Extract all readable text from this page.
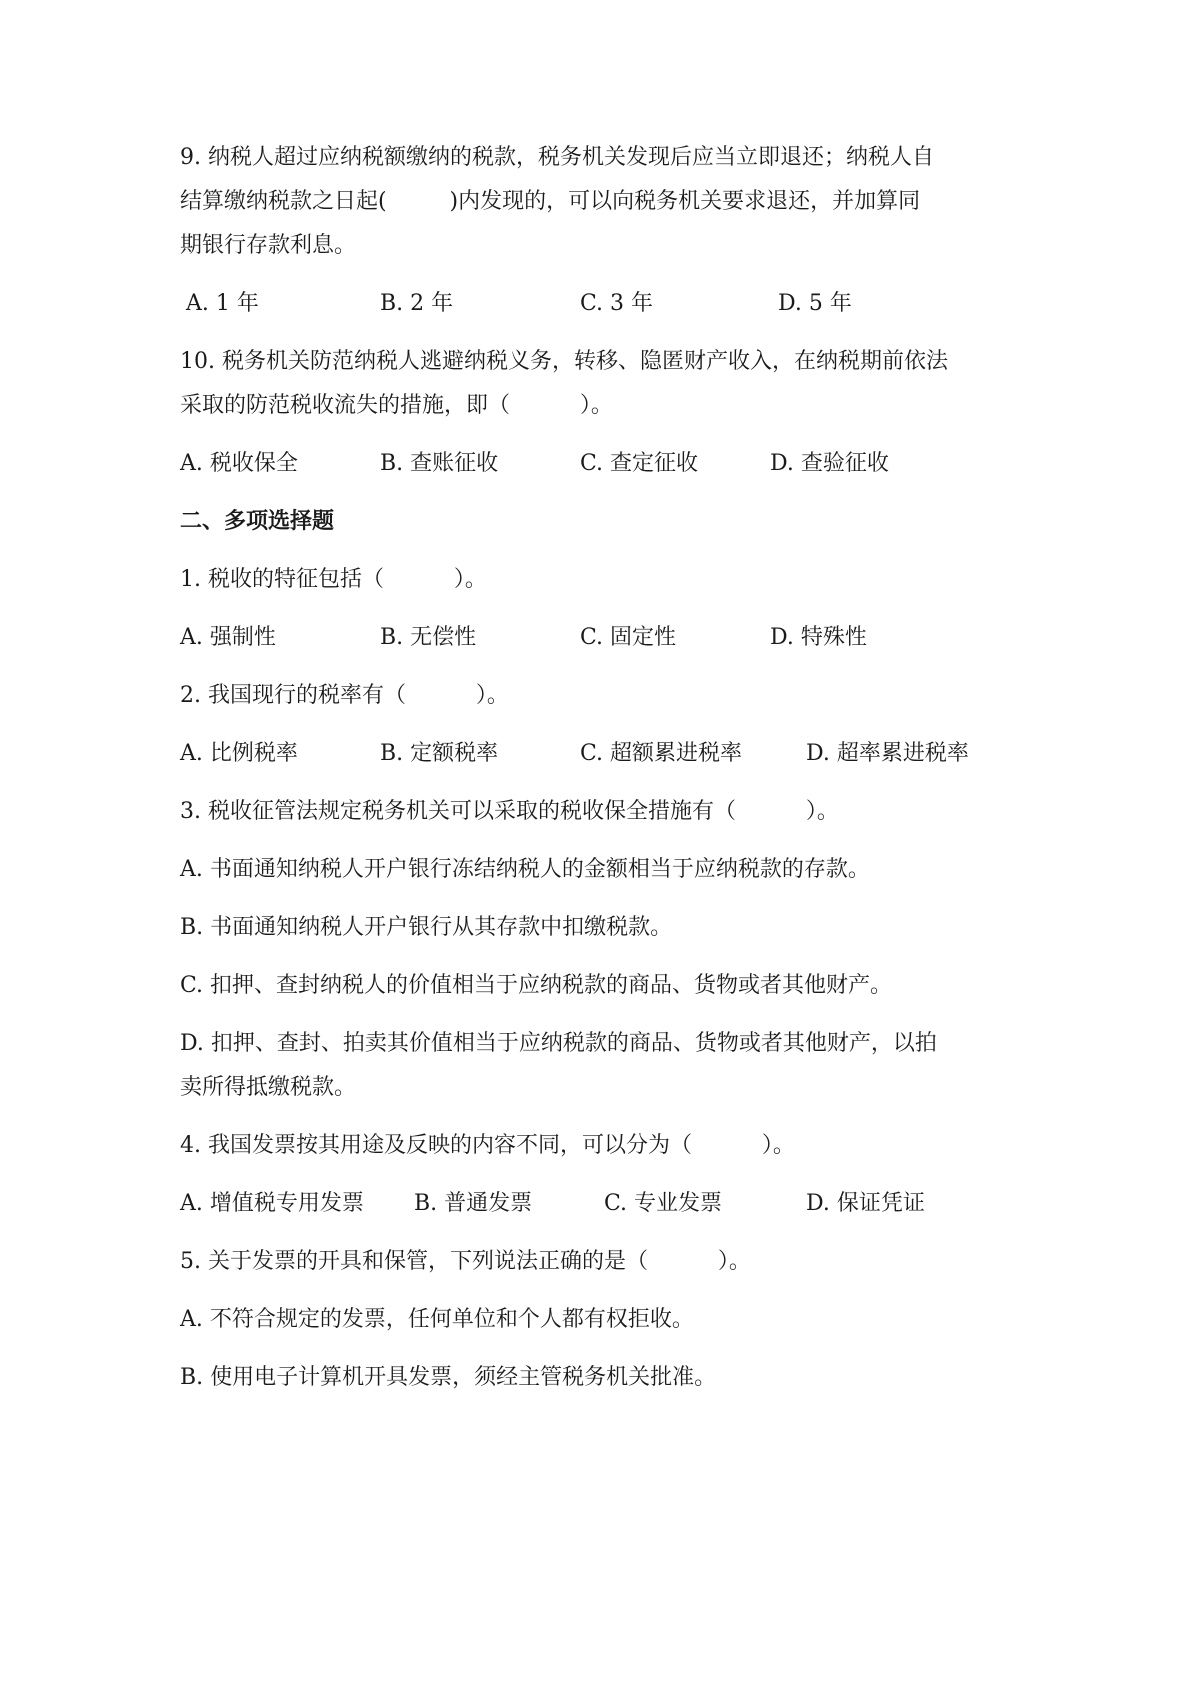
9. 纳税人超过应纳税额缴纳的税款，税务机关发现后应当立即退还；纳税人自
结算缴纳税款之日起(         )内发现的，可以向税务机关要求退还，并加算同
期银行存款利息。
A. 1 年	B. 2 年	C. 3 年	D. 5 年
10. 税务机关防范纳税人逃避纳税义务，转移、隐匿财产收入，在纳税期前依法
采取的防范税收流失的措施，即（          ）。
A. 税收保全	B. 查账征收	C. 查定征收	D. 查验征收
二、多项选择题
1. 税收的特征包括（          ）。
A. 强制性	B. 无偿性	C. 固定性	D. 特殊性
2. 我国现行的税率有（          ）。
A. 比例税率	B. 定额税率	C. 超额累进税率	D. 超率累进税率
3. 税收征管法规定税务机关可以采取的税收保全措施有（          ）。
A. 书面通知纳税人开户银行冻结纳税人的金额相当于应纳税款的存款。
B. 书面通知纳税人开户银行从其存款中扣缴税款。
C. 扣押、查封纳税人的价值相当于应纳税款的商品、货物或者其他财产。
D. 扣押、查封、拍卖其价值相当于应纳税款的商品、货物或者其他财产，以拍
卖所得抵缴税款。
4. 我国发票按其用途及反映的内容不同，可以分为（          ）。
A. 增值税专用发票 B. 普通发票	C. 专业发票	D. 保证凭证
5. 关于发票的开具和保管，下列说法正确的是（          ）。
A. 不符合规定的发票，任何单位和个人都有权拒收。
B. 使用电子计算机开具发票，须经主管税务机关批准。
